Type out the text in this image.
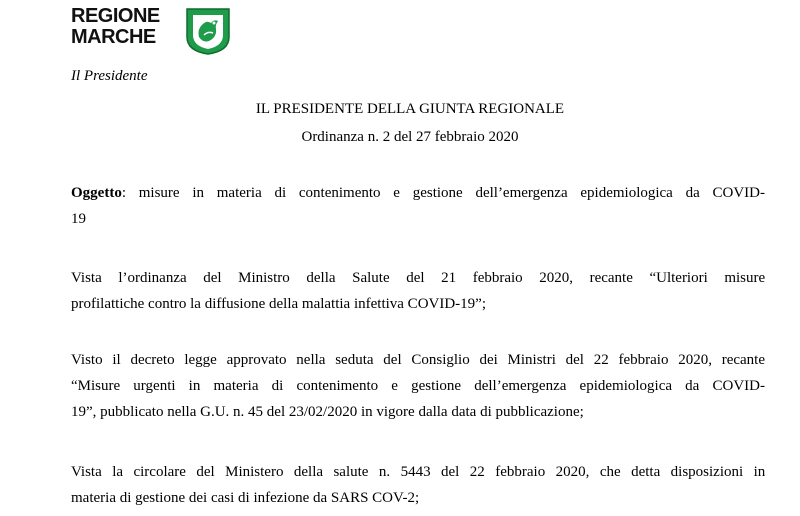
REGIONE
MARCHE
Il Presidente
IL PRESIDENTE DELLA GIUNTA REGIONALE
Ordinanza n. 2 del 27 febbraio 2020
Oggetto: misure in materia di contenimento e gestione dell’emergenza epidemiologica da COVID-
19
Vista l’ordinanza del Ministro della Salute del 21 febbraio 2020, recante “Ulteriori misure
profilattiche contro la diffusione della malattia infettiva COVID-19”;
Visto il decreto legge approvato nella seduta del Consiglio dei Ministri del 22 febbraio 2020, recante
“Misure urgenti in materia di contenimento e gestione dell’emergenza epidemiologica da COVID-
19”, pubblicato nella G.U. n. 45 del 23/02/2020 in vigore dalla data di pubblicazione;
Vista la circolare del Ministero della salute n. 5443 del 22 febbraio 2020, che detta disposizioni in
materia di gestione dei casi di infezione da SARS COV-2;
